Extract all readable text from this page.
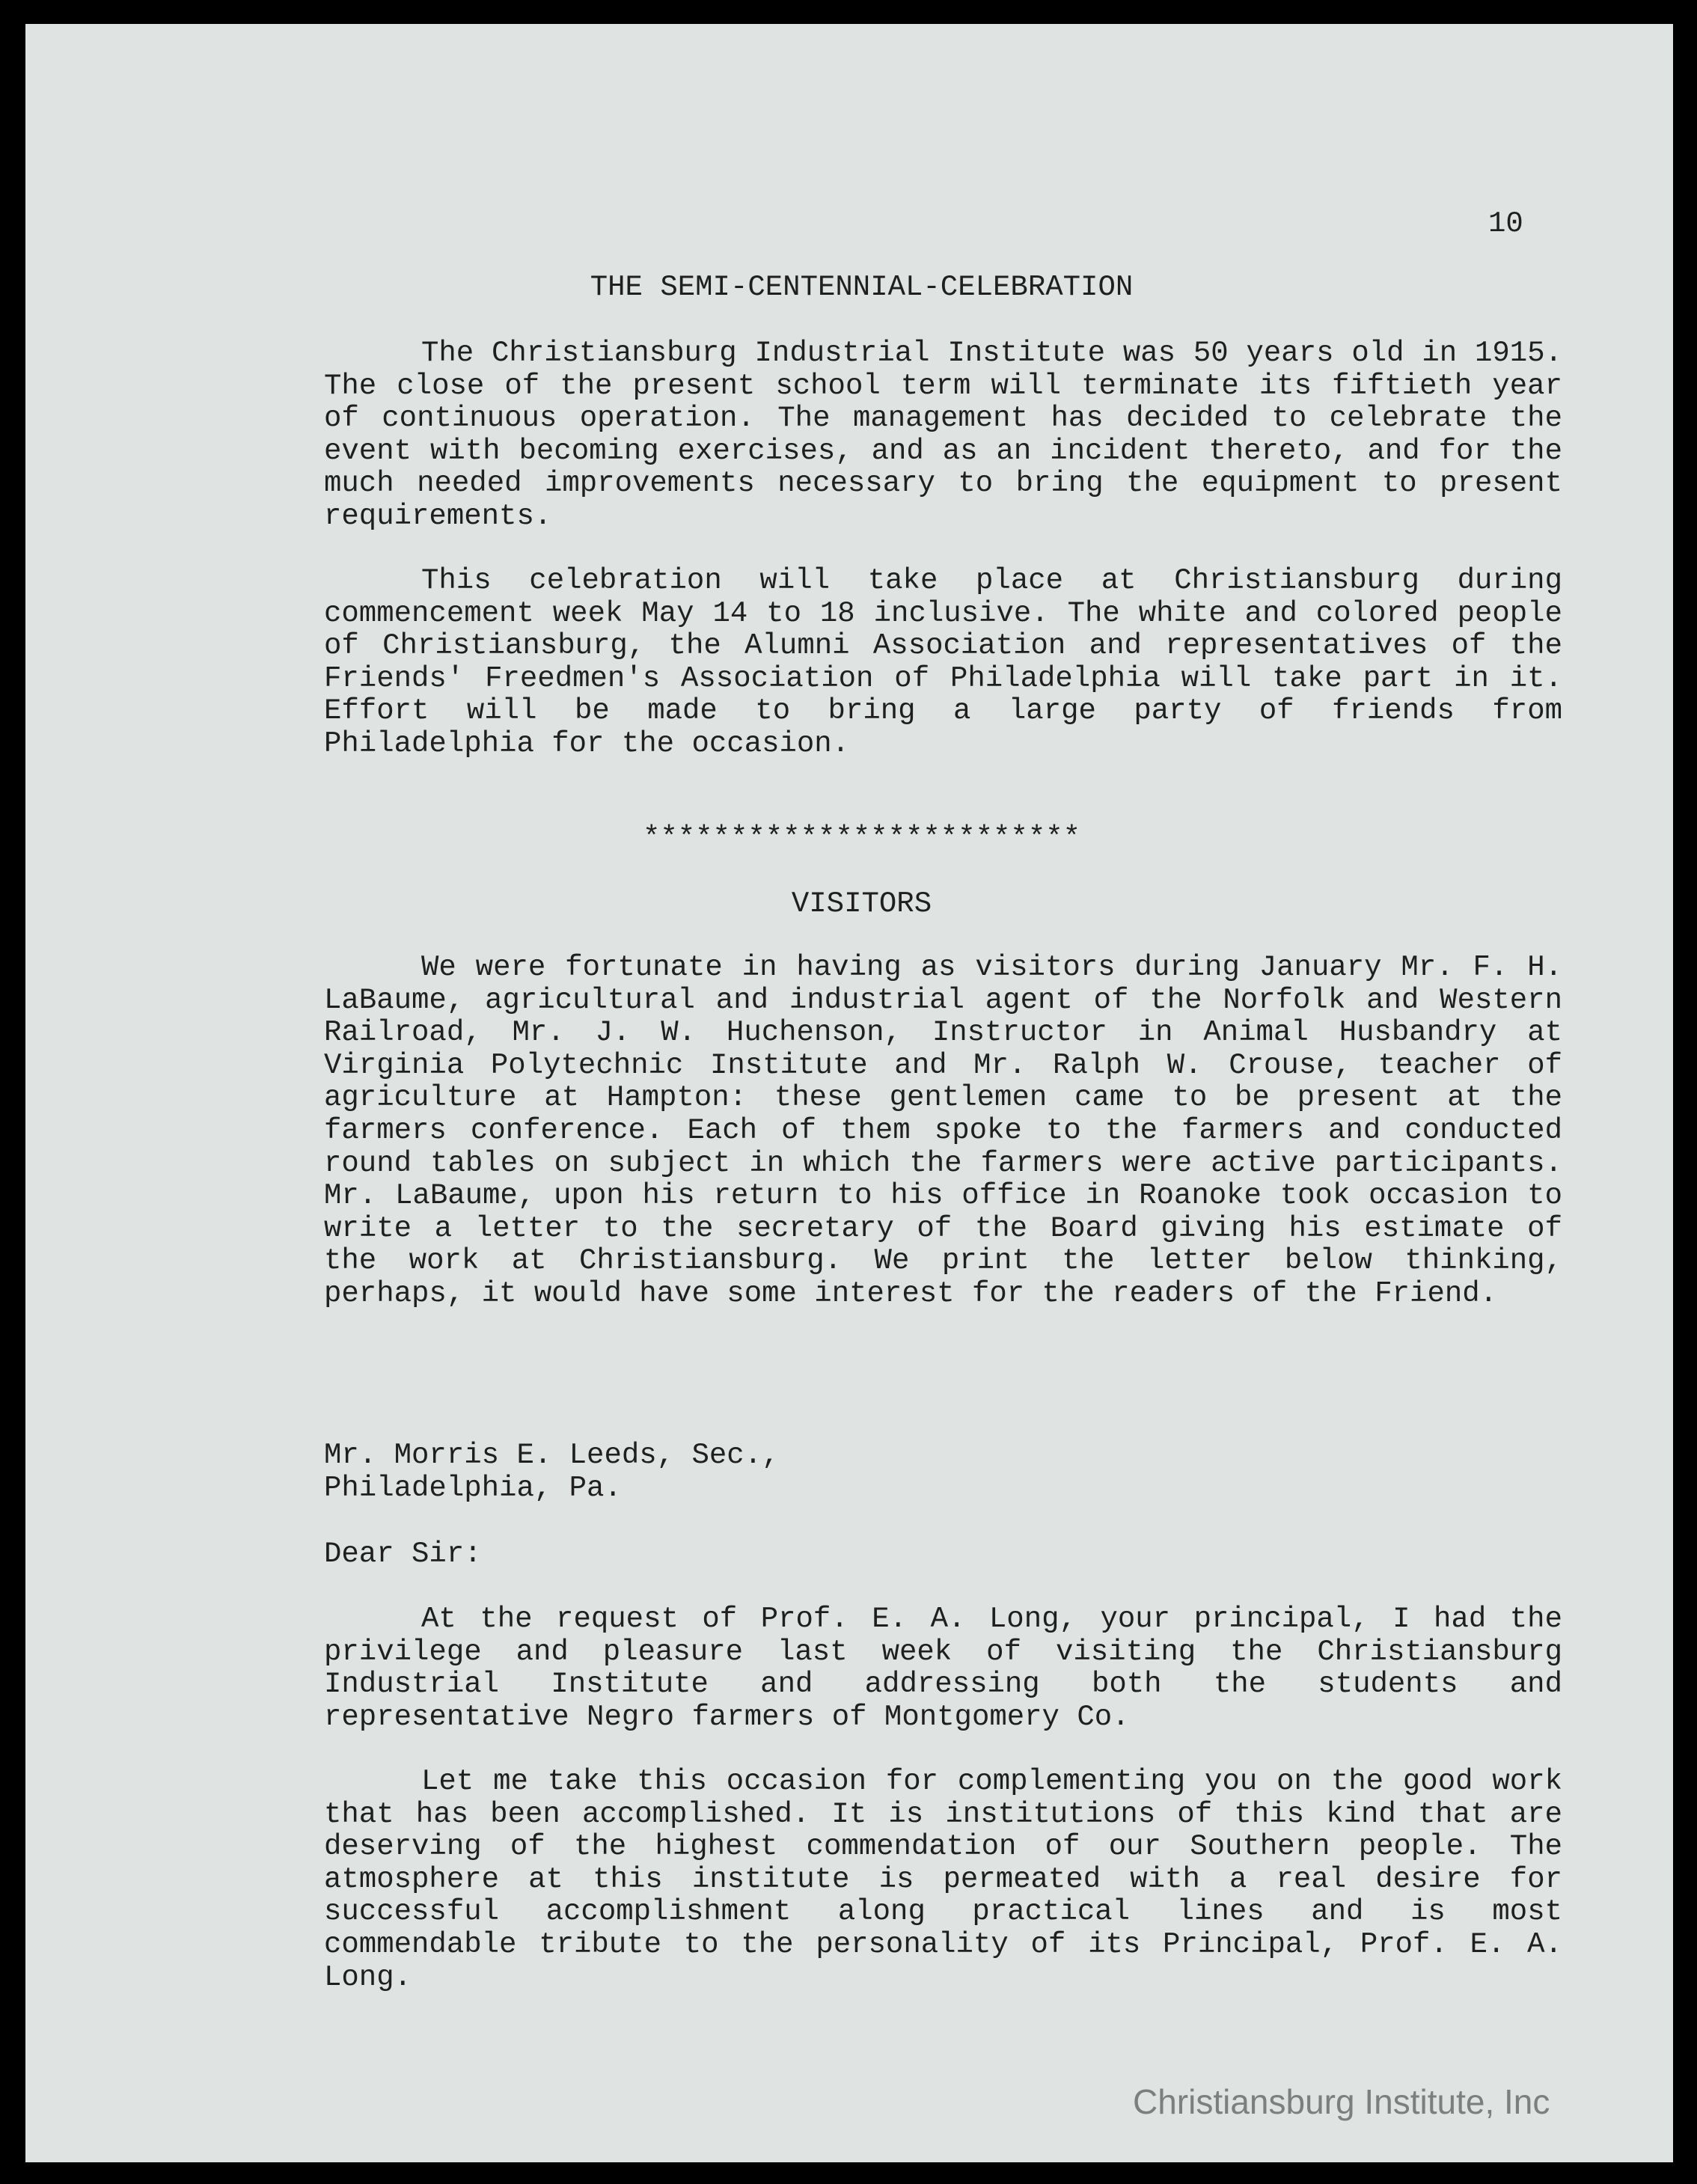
10
THE SEMI-CENTENNIAL-CELEBRATION
The Christiansburg Industrial Institute was 50 years old in 1915. The close of the present school term will terminate its fiftieth year of continuous operation. The management has decided to celebrate the event with becoming exercises, and as an incident thereto, and for the much needed improvements necessary to bring the equipment to present requirements.
This celebration will take place at Christiansburg during commencement week May 14 to 18 inclusive. The white and colored people of Christiansburg, the Alumni Association and representatives of the Friends' Freedmen's Association of Philadelphia will take part in it. Effort will be made to bring a large party of friends from Philadelphia for the occasion.
*************************
VISITORS
We were fortunate in having as visitors during January Mr. F. H. LaBaume, agricultural and industrial agent of the Norfolk and Western Railroad, Mr. J. W. Huchenson, Instructor in Animal Husbandry at Virginia Polytechnic Institute and Mr. Ralph W. Crouse, teacher of agriculture at Hampton: these gentlemen came to be present at the farmers conference. Each of them spoke to the farmers and conducted round tables on subject in which the farmers were active participants. Mr. LaBaume, upon his return to his office in Roanoke took occasion to write a letter to the secretary of the Board giving his estimate of the work at Christiansburg. We print the letter below thinking, perhaps, it would have some interest for the readers of the Friend.
Mr. Morris E. Leeds, Sec.,
Philadelphia, Pa.
Dear Sir:
At the request of Prof. E. A. Long, your principal, I had the privilege and pleasure last week of visiting the Christiansburg Industrial Institute and addressing both the students and representative Negro farmers of Montgomery Co.
Let me take this occasion for complementing you on the good work that has been accomplished. It is institutions of this kind that are deserving of the highest commendation of our Southern people. The atmosphere at this institute is permeated with a real desire for successful accomplishment along practical lines and is most commendable tribute to the personality of its Principal, Prof. E. A. Long.
Christiansburg Institute, Inc
